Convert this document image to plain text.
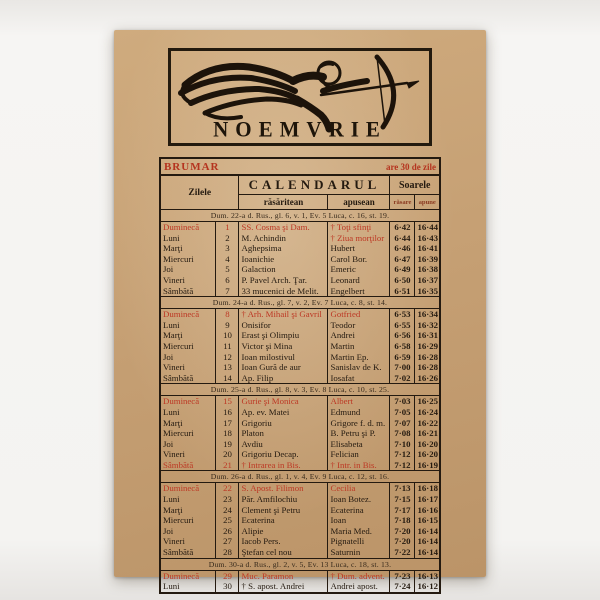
NOEMVRIE
BRUMAR are 30 de zile					

Zilele		CALENDARUL		Soarele	
		răsăritean	apusean	răsare	apune
Dum. 22-a d. Rus., gl. 6, v. 1, Ev. 5 Luca, c. 16, st. 19.					
Duminecă	1	SS. Cosma şi Dam.	† Toţi sfinţi	6·42	16·44
Luni	2	M. Achindin	† Ziua morţilor	6·44	16·43
Marţi	3	Aghepsima	Hubert	6·46	16·41
Miercuri	4	Ioanichie	Carol Bor.	6·47	16·39
Joi	5	Galaction	Emeric	6·49	16·38
Vineri	6	P. Pavel Arch. Ţar.	Leonard	6·50	16·37
Sâmbătă	7	33 mucenici de Melit.	Engelbert	6·51	16·35
Dum. 24-a d. Rus., gl. 7, v. 2, Ev. 7 Luca, c. 8, st. 14.					
Duminecă	8	† Arh. Mihail şi Gavril	Gotfried	6·53	16·34
Luni	9	Onisifor	Teodor	6·55	16·32
Marţi	10	Erast şi Olimpiu	Andrei	6·56	16·31
Miercuri	11	Victor şi Mina	Martin	6·58	16·29
Joi	12	Ioan milostivul	Martin Ep.	6·59	16·28
Vineri	13	Ioan Gură de aur	Sanislav de K.	7·00	16·28
Sâmbătă	14	Ap. Filip	Iosafat	7·02	16·26
Dum. 25-a d. Rus., gl. 8, v. 3, Ev. 8 Luca, c. 10, st. 25.					
Duminecă	15	Gurie şi Monica	Albert	7·03	16·25
Luni	16	Ap. ev. Matei	Edmund	7·05	16·24
Marţi	17	Grigoriu	Grigore f. d. m.	7·07	16·22
Miercuri	18	Platon	B. Petru şi P.	7·08	16·21
Joi	19	Avdiu	Elisabeta	7·10	16·20
Vineri	20	Grigoriu Decap.	Felician	7·12	16·20
Sâmbătă	21	† Intrarea in Bis.	† Intr. in Bis.	7·12	16·19
Dum. 26-a d. Rus., gl. 1, v. 4, Ev. 9 Luca, c. 12, st. 16.					
Duminecă	22	S. Apost. Filimon	Cecilia	7·13	16·18
Luni	23	Păr. Amfilochiu	Ioan Botez.	7·15	16·17
Marţi	24	Clement şi Petru	Ecaterina	7·17	16·16
Miercuri	25	Ecaterina	Ioan	7·18	16·15
Joi	26	Alipie	Maria Med.	7·20	16·14
Vineri	27	Iacob Pers.	Pignatelli	7·20	16·14
Sâmbătă	28	Ştefan cel nou	Saturnin	7·22	16·14
Dum. 30-a d. Rus., gl. 2, v. 5, Ev. 13 Luca, c. 18, st. 13.					
Duminecă	29	Muc. Paramon	† Dum. advent.	7·23	16·13
Luni	30	† S. apost. Andrei	Andrei apost.	7·24	16·12
